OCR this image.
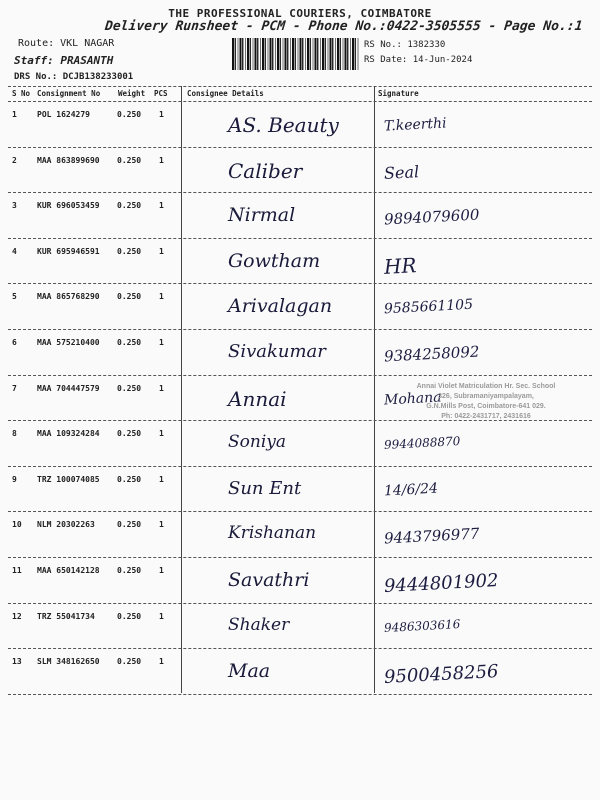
THE PROFESSIONAL COURIERS, COIMBATORE
Delivery Runsheet - PCM - Phone No.:0422-3505555 - Page No.:1
Route: VKL NAGAR
Staff: PRASANTH
DRS No.: DCJB138233001
RS No.: 1382330
RS Date: 14-Jun-2024
S No Consignment No Weight PCS	Consignee Details	Signature
1	POL 1624279	0.250 1	AS. Beauty	T.keerthi
2	MAA 863899690 0.250 1	Caliber	Seal
3	KUR 696053459 0.250 1	Nirmal	9894079600
4	KUR 695946591 0.250 1	Gowtham	HR
5	MAA 865768290 0.250 1	Arivalagan	9585661105
6	MAA 575210400 0.250 1	Sivakumar	9384258092
7	MAA 704447579 0.250 1	Annai	Mohana
8	MAA 109324284 0.250 1	Soniya	9944088870
9	TRZ 100074085 0.250 1	Sun Ent	14/6/24
10 NLM 20302263	0.250 1	Krishanan	9443796977
11 MAA 650142128 0.250 1	Savathri	9444801902
12 TRZ 55041734	0.250 1	Shaker	9486303616
13 SLM 348162650 0.250 1	Maa	9500458256
Annai Violet Matriculation Hr. Sec. School
326, Subramaniyampalayam,
G.N.Mills Post, Coimbatore-641 029.
Ph: 0422-2431717, 2431616
